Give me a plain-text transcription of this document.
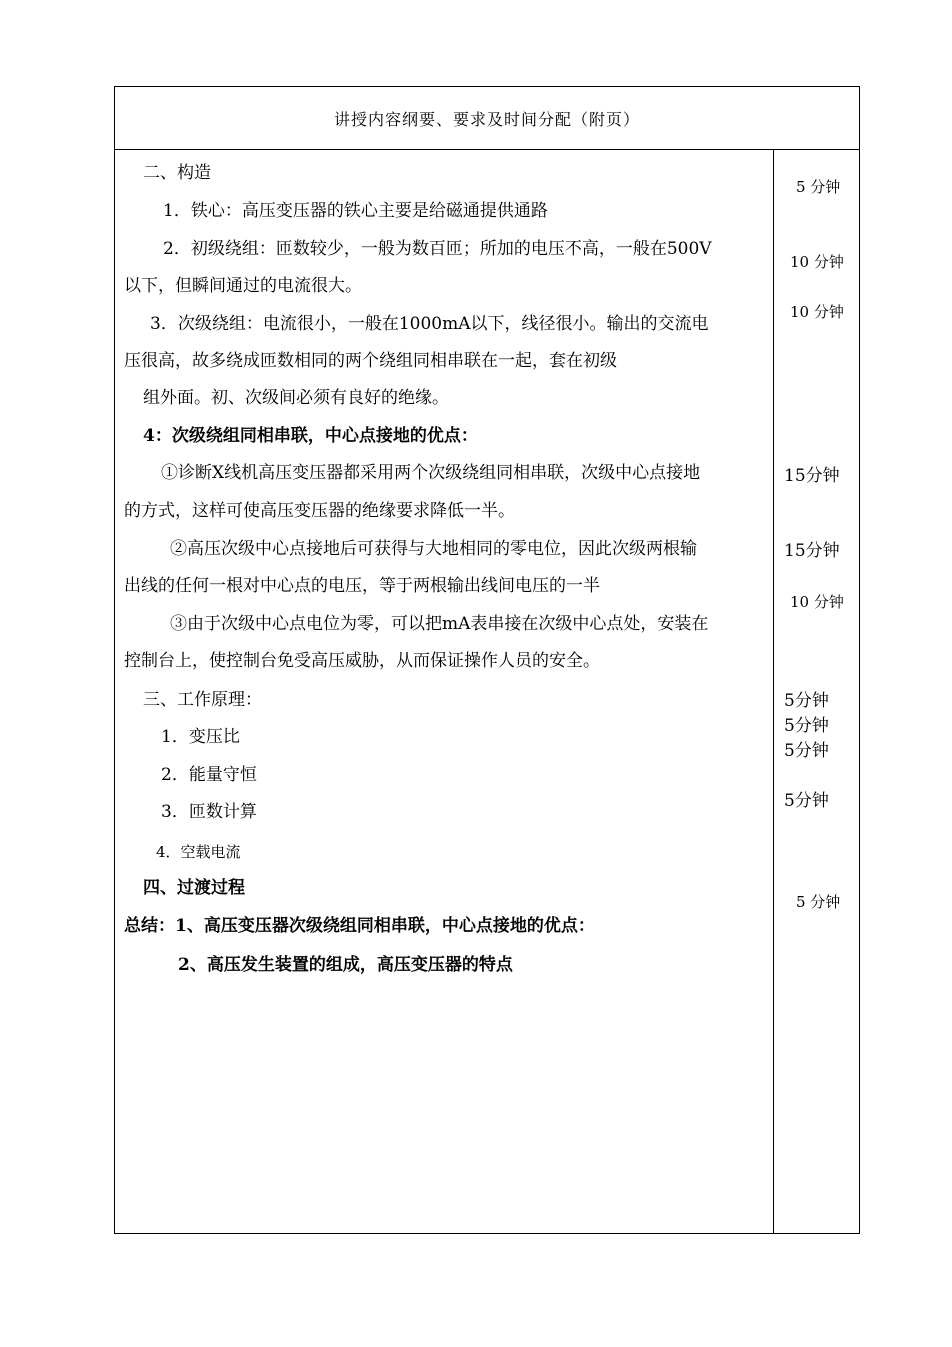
讲授内容纲要、要求及时间分配（附页）
二、构造
1．铁心：高压变压器的铁心主要是给磁通提供通路
2．初级绕组：匝数较少，一般为数百匝；所加的电压不高，一般在500V
以下，但瞬间通过的电流很大。
3．次级绕组：电流很小，一般在1000mA以下，线径很小。输出的交流电
压很高，故多绕成匝数相同的两个绕组同相串联在一起，套在初级
组外面。初、次级间必须有良好的绝缘。
4：次级绕组同相串联，中心点接地的优点：
①诊断X线机高压变压器都采用两个次级绕组同相串联，次级中心点接地
的方式，这样可使高压变压器的绝缘要求降低一半。
②高压次级中心点接地后可获得与大地相同的零电位，因此次级两根输
出线的任何一根对中心点的电压，等于两根输出线间电压的一半
③由于次级中心点电位为零，可以把mA表串接在次级中心点处，安装在
控制台上，使控制台免受高压威胁，从而保证操作人员的安全。
三、工作原理：
1．变压比
2．能量守恒
3．匝数计算
4．空载电流
四、过渡过程
总结：1、高压变压器次级绕组同相串联，中心点接地的优点：
2、高压发生装置的组成，高压变压器的特点
5 分钟
10 分钟
10 分钟
15分钟
15分钟
10 分钟
5分钟
5分钟
5分钟
5分钟
5 分钟
